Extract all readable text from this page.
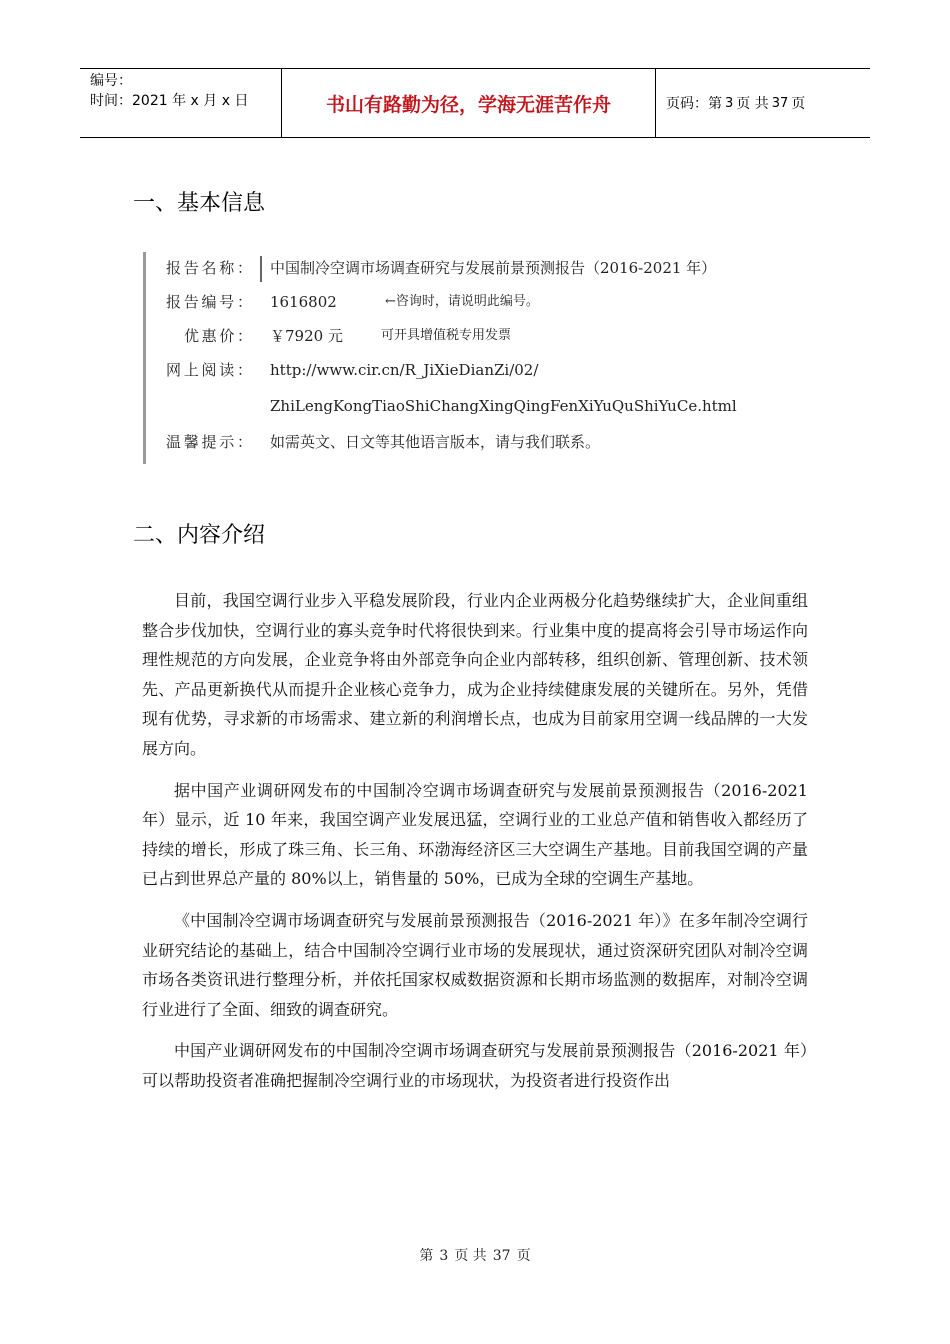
编号：
时间：2021 年 x 月 x 日	书山有路勤为径，学海无涯苦作舟	页码：第 3 页 共 37 页
一、基本信息
报告名称： 中国制冷空调市场调查研究与发展前景预测报告（2016-2021 年）
报告编号： 1616802	←咨询时，请说明此编号。
优惠价： ￥7920 元	可开具增值税专用发票
网上阅读： http://www.cir.cn/R_JiXieDianZi/02/
ZhiLengKongTiaoShiChangXingQingFenXiYuQuShiYuCe.html
温馨提示： 如需英文、日文等其他语言版本，请与我们联系。
二、内容介绍

目前，我国空调行业步入平稳发展阶段，行业内企业两极分化趋势继续扩大，企业间重组整合步伐加快，空调行业的寡头竞争时代将很快到来。行业集中度的提高将会引导市场运作向理性规范的方向发展，企业竞争将由外部竞争向企业内部转移，组织创新、管理创新、技术领先、产品更新换代从而提升企业核心竞争力，成为企业持续健康发展的关键所在。另外，凭借现有优势，寻求新的市场需求、建立新的利润增长点，也成为目前家用空调一线品牌的一大发展方向。

据中国产业调研网发布的中国制冷空调市场调查研究与发展前景预测报告（2016-2021 年）显示，近 10 年来，我国空调产业发展迅猛，空调行业的工业总产值和销售收入都经历了持续的增长，形成了珠三角、长三角、环渤海经济区三大空调生产基地。目前我国空调的产量已占到世界总产量的 80%以上，销售量的 50%，已成为全球的空调生产基地。

《中国制冷空调市场调查研究与发展前景预测报告（2016-2021 年）》在多年制冷空调行业研究结论的基础上，结合中国制冷空调行业市场的发展现状，通过资深研究团队对制冷空调市场各类资讯进行整理分析，并依托国家权威数据资源和长期市场监测的数据库，对制冷空调行业进行了全面、细致的调查研究。

中国产业调研网发布的中国制冷空调市场调查研究与发展前景预测报告（2016-2021 年）可以帮助投资者准确把握制冷空调行业的市场现状，为投资者进行投资作出

第 3 页 共 37 页
